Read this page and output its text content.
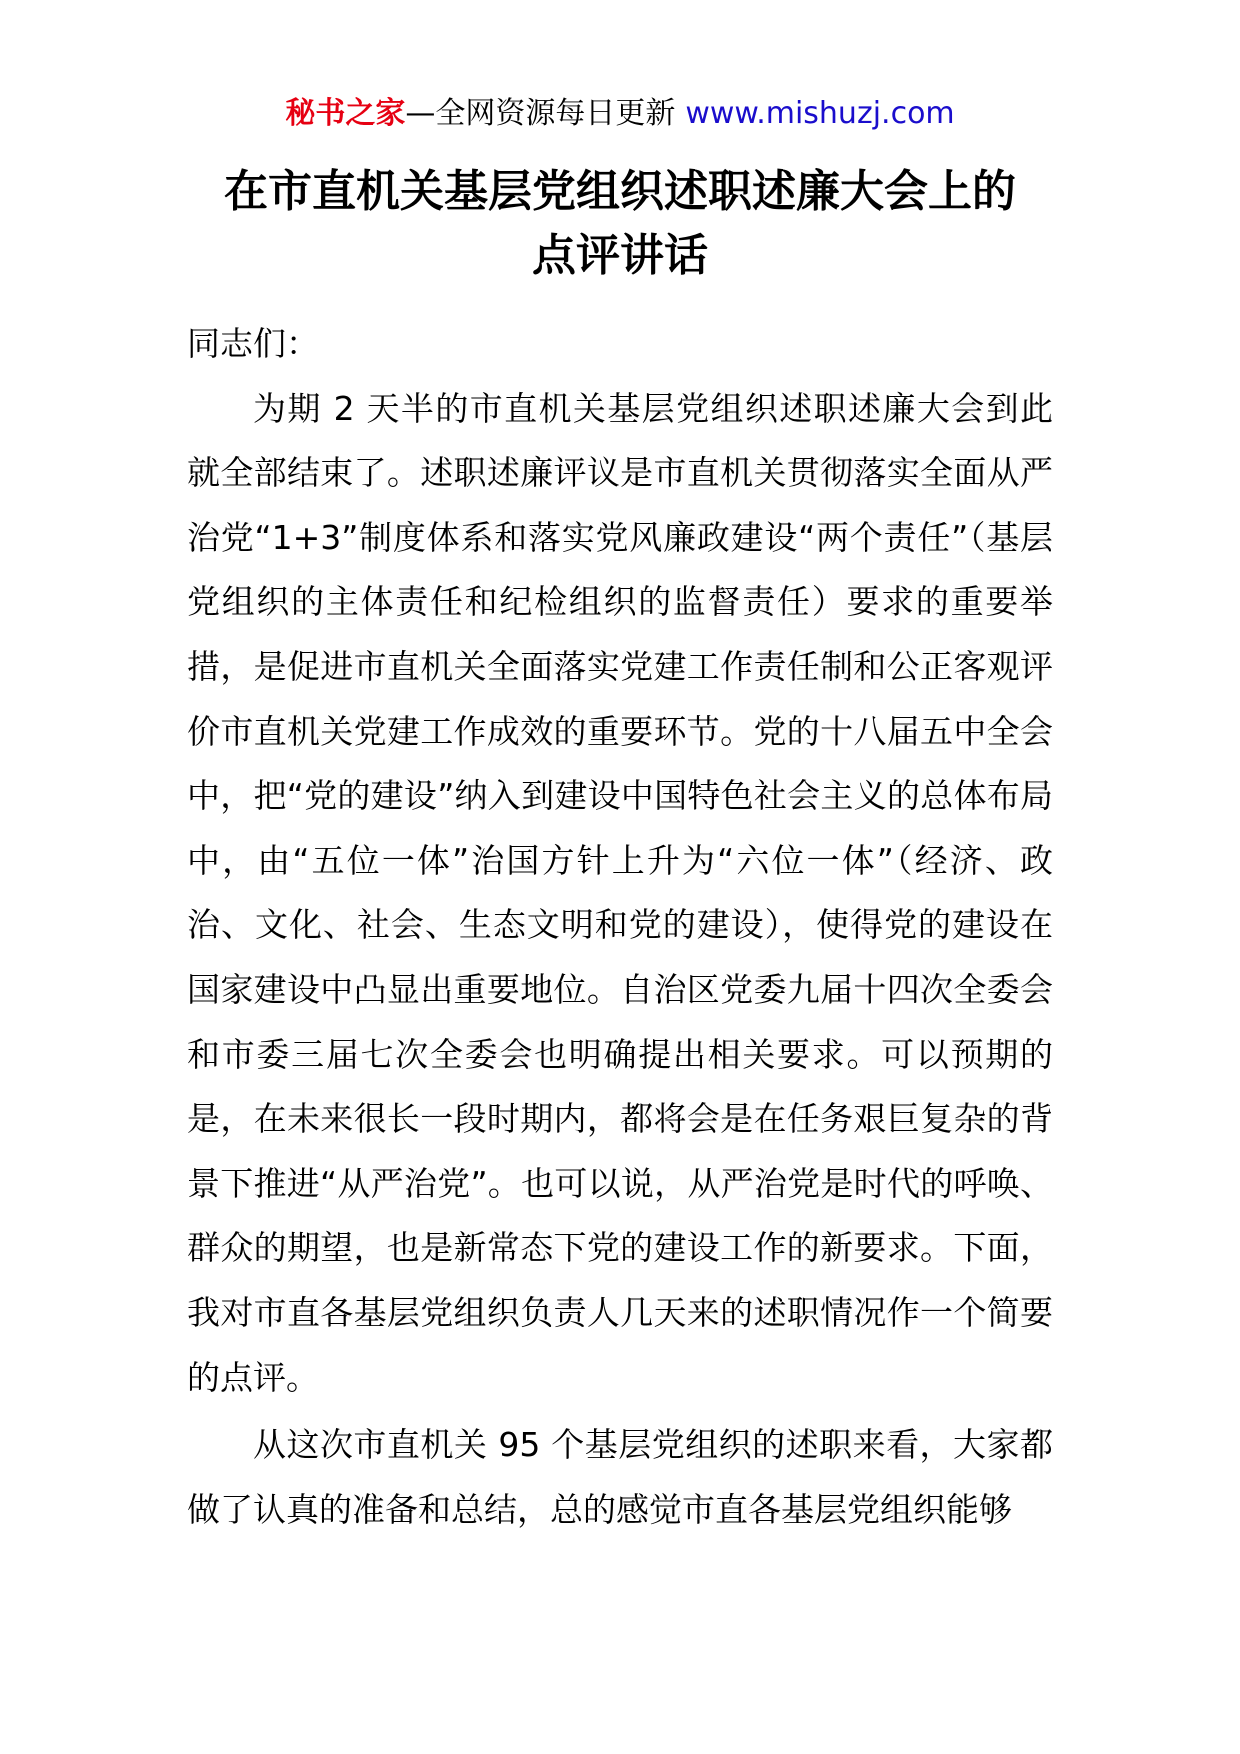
秘书之家—全网资源每日更新 www.mishuzj.com
在市直机关基层党组织述职述廉大会上的
点评讲话

同志们：

为期 2 天半的市直机关基层党组织述职述廉大会到此就全部结束了。述职述廉评议是市直机关贯彻落实全面从严治党“1+3”制度体系和落实党风廉政建设“两个责任”（基层党组织的主体责任和纪检组织的监督责任）要求的重要举措，是促进市直机关全面落实党建工作责任制和公正客观评价市直机关党建工作成效的重要环节。党的十八届五中全会中，把“党的建设”纳入到建设中国特色社会主义的总体布局中，由“五位一体”治国方针上升为“六位一体”（经济、政治、文化、社会、生态文明和党的建设），使得党的建设在国家建设中凸显出重要地位。自治区党委九届十四次全委会和市委三届七次全委会也明确提出相关要求。可以预期的是，在未来很长一段时期内，都将会是在任务艰巨复杂的背景下推进“从严治党”。也可以说，从严治党是时代的呼唤、群众的期望，也是新常态下党的建设工作的新要求。下面，我对市直各基层党组织负责人几天来的述职情况作一个简要的点评。

从这次市直机关 95 个基层党组织的述职来看，大家都做了认真的准备和总结，总的感觉市直各基层党组织能够
